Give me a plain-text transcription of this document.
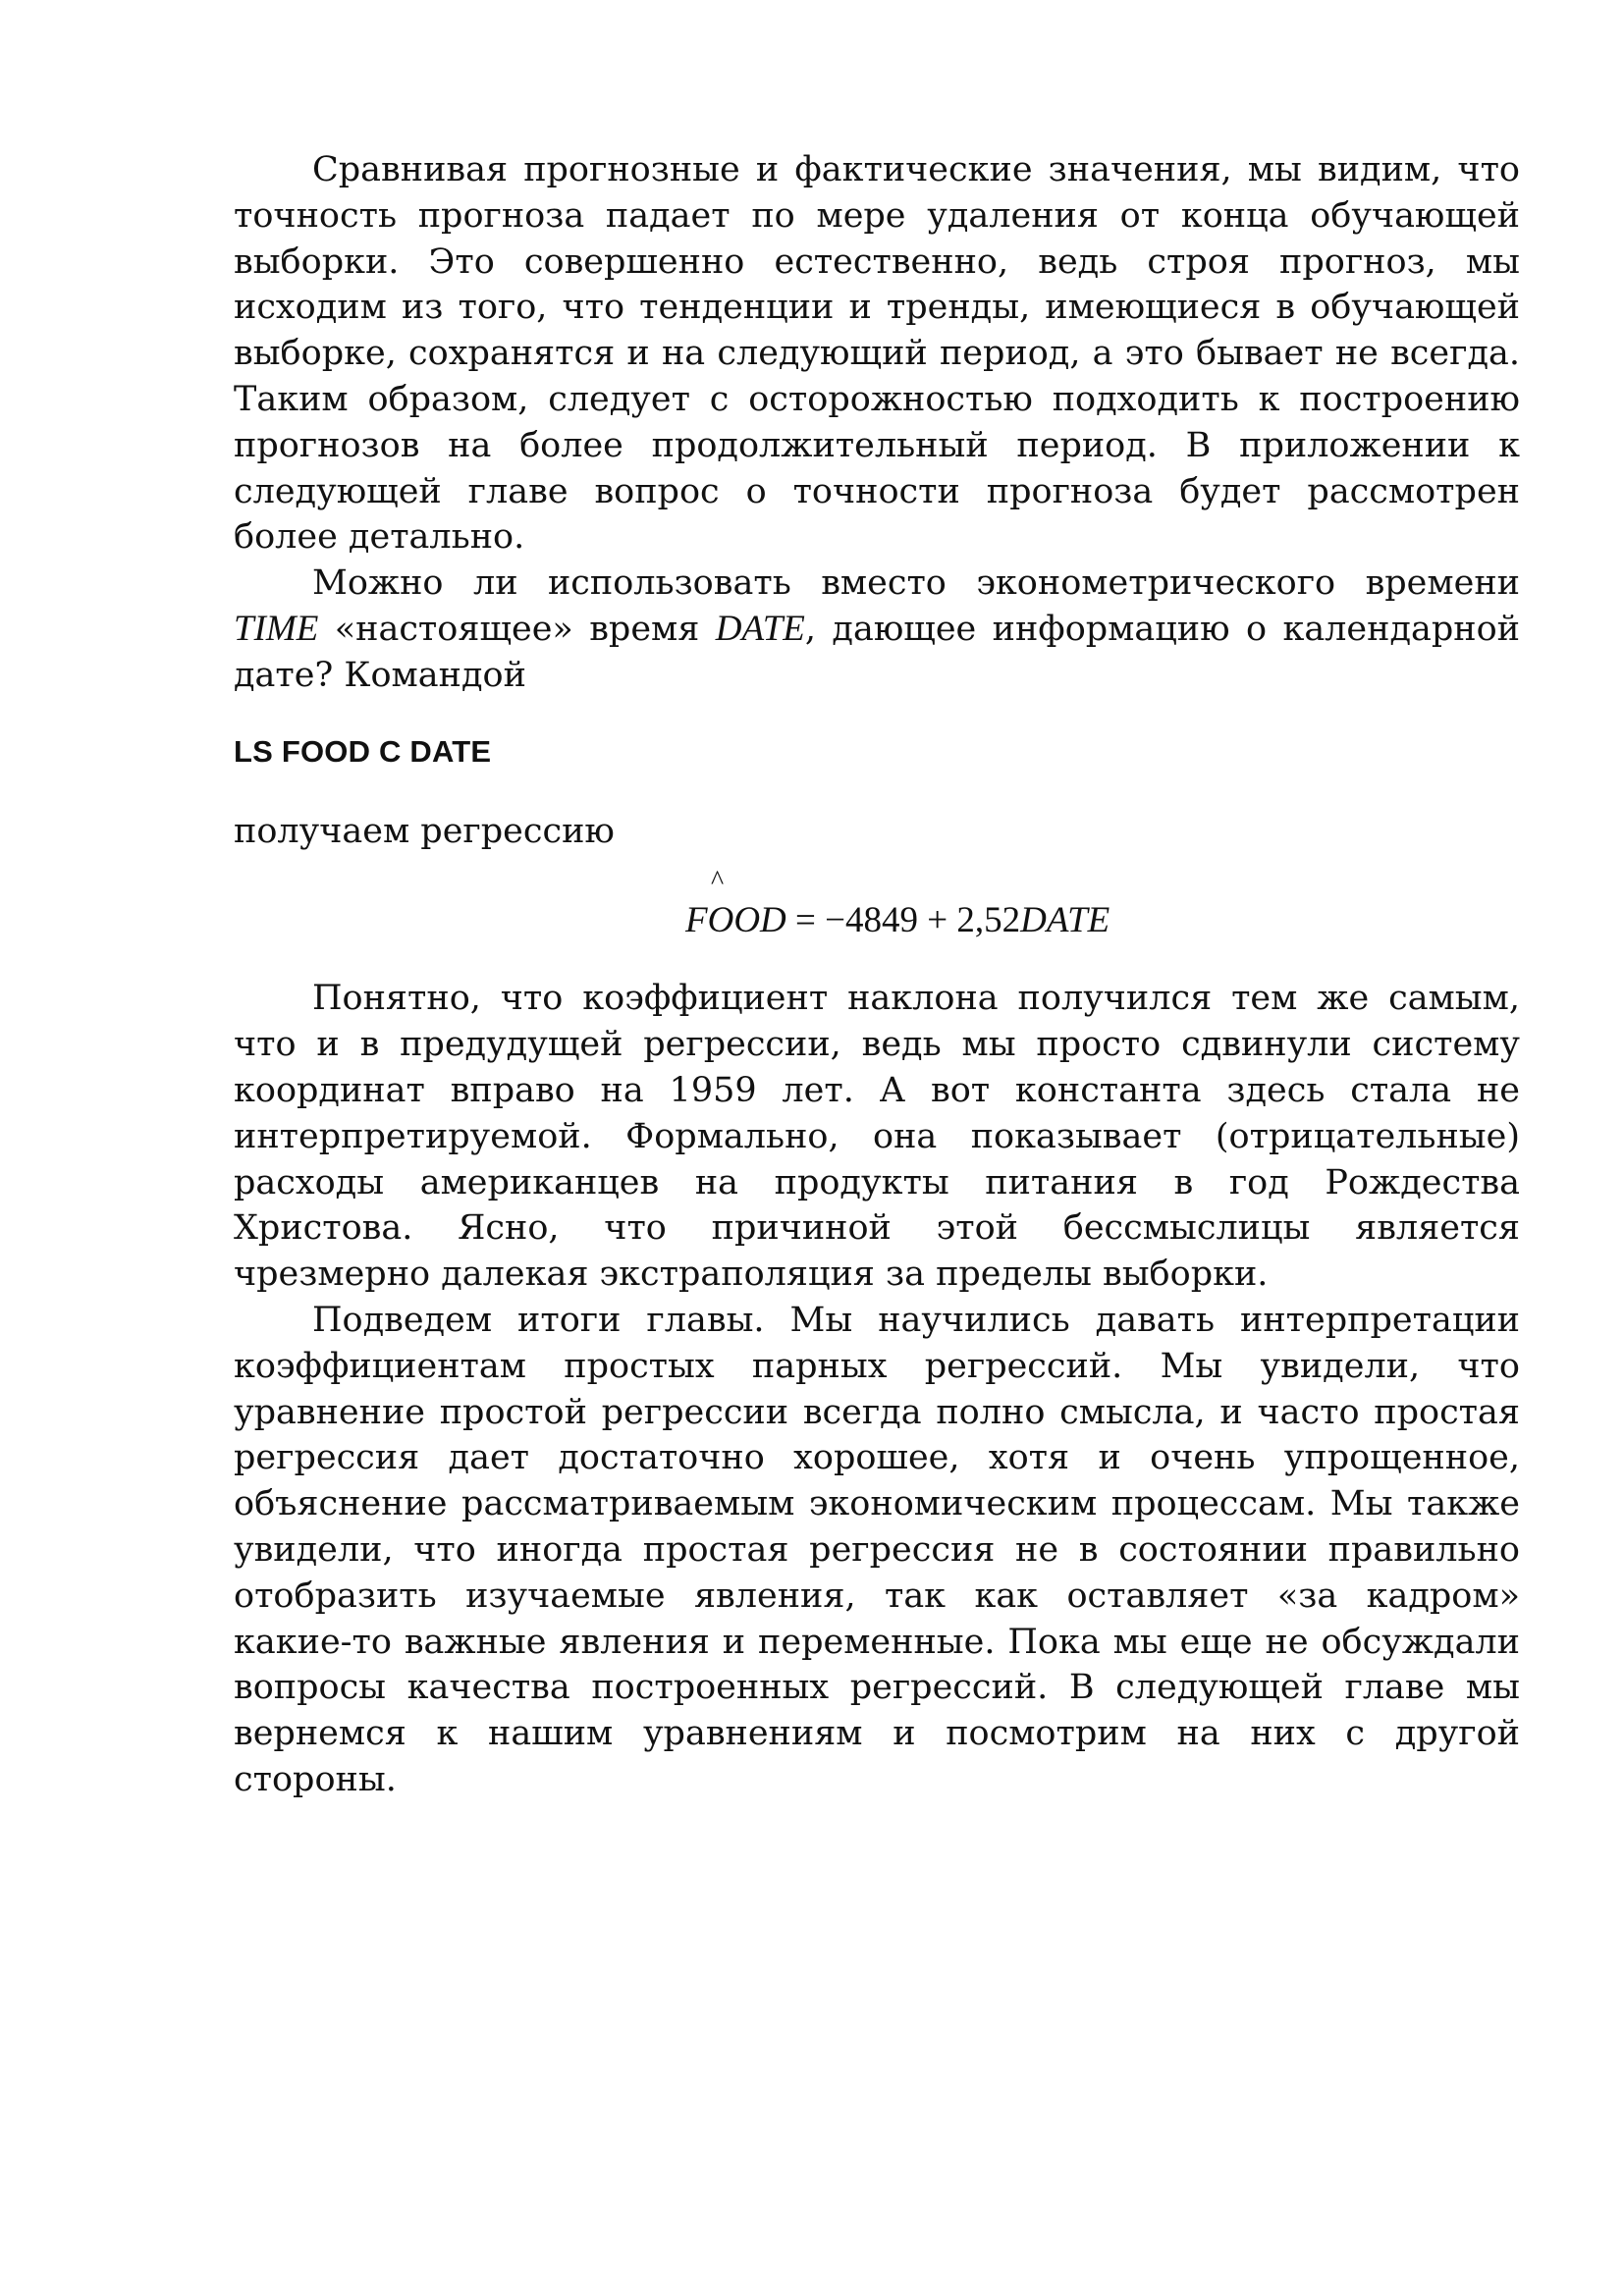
Сравнивая прогнозные и фактические значения, мы видим, что точность прогноза падает по мере удаления от конца обучающей выборки. Это совершенно естественно, ведь строя прогноз, мы исходим из того, что тенденции и тренды, имеющиеся в обучающей выборке, сохранятся и на следующий период, а это бывает не всегда. Таким образом, следует с осторожностью подходить к построению прогнозов на более продолжительный период. В приложении к следующей главе вопрос о точности прогноза будет рассмотрен более детально.

Можно ли использовать вместо эконометрического времени TIME «настоящее» время DATE, дающее информацию о календарной дате? Командой

LS FOOD C DATE

получаем регрессию

FOOD
^
= −4849 + 2,52DATE

Понятно, что коэффициент наклона получился тем же самым, что и в предудущей регрессии, ведь мы просто сдвинули систему координат вправо на 1959 лет. А вот константа здесь стала не интерпретируемой. Формально, она показывает (отрицательные) расходы американцев на продукты питания в год Рождества Христова. Ясно, что причиной этой бессмыслицы является чрезмерно далекая экстраполяция за пределы выборки.

Подведем итоги главы. Мы научились давать интерпретации коэффициентам простых парных регрессий. Мы увидели, что уравнение простой регрессии всегда полно смысла, и часто простая регрессия дает достаточно хорошее, хотя и очень упрощенное, объяснение рассматриваемым экономическим процессам. Мы также увидели, что иногда простая регрессия не в состоянии правильно отобразить изучаемые явления, так как оставляет «за кадром» какие-то важные явления и переменные. Пока мы еще не обсуждали вопросы качества построенных регрессий. В следующей главе мы вернемся к нашим уравнениям и посмотрим на них с другой стороны.
